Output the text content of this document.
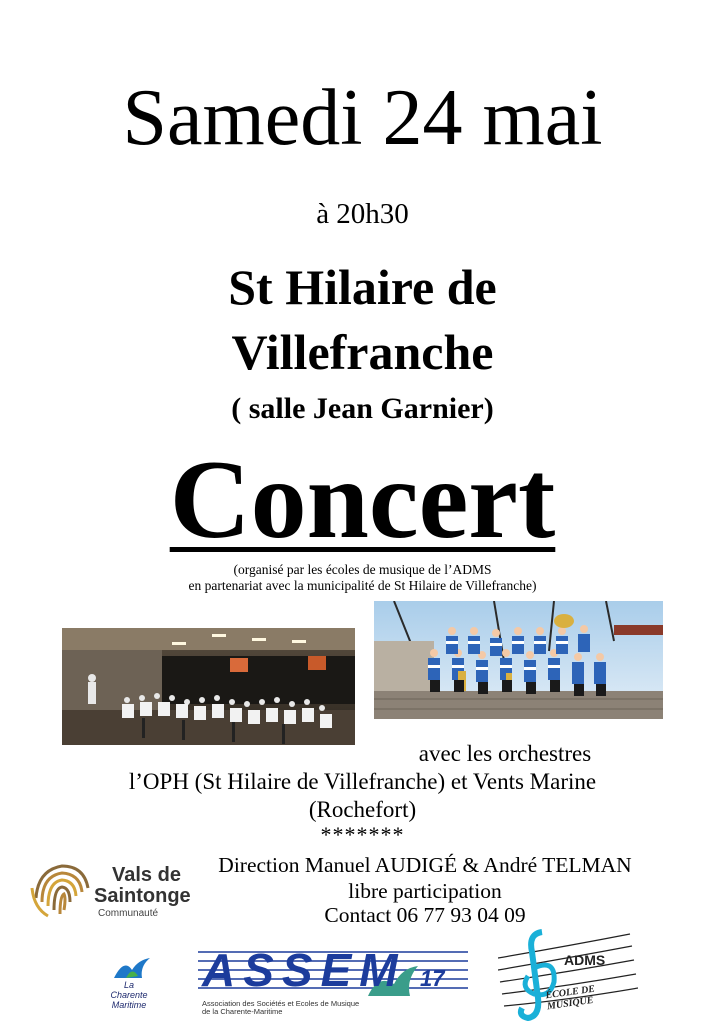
Samedi 24 mai
à 20h30
St Hilaire de
Villefranche
( salle Jean Garnier)
Concert
(organisé par les écoles de musique de l’ADMS
en partenariat avec la municipalité de St Hilaire de Villefranche)
avec les orchestres
l’OPH (St Hilaire de Villefranche) et Vents Marine
(Rochefort)
*******
Direction Manuel AUDIGÉ & André TELMAN
libre participation
Contact 06 77 93 04 09
Vals de
Saintonge
Communauté
La
Charente
Maritime
ASSEM 17
Association des Sociétés et Ecoles de Musique
de la Charente-Maritime
ADMS
ÉCOLE DE MUSIQUE
